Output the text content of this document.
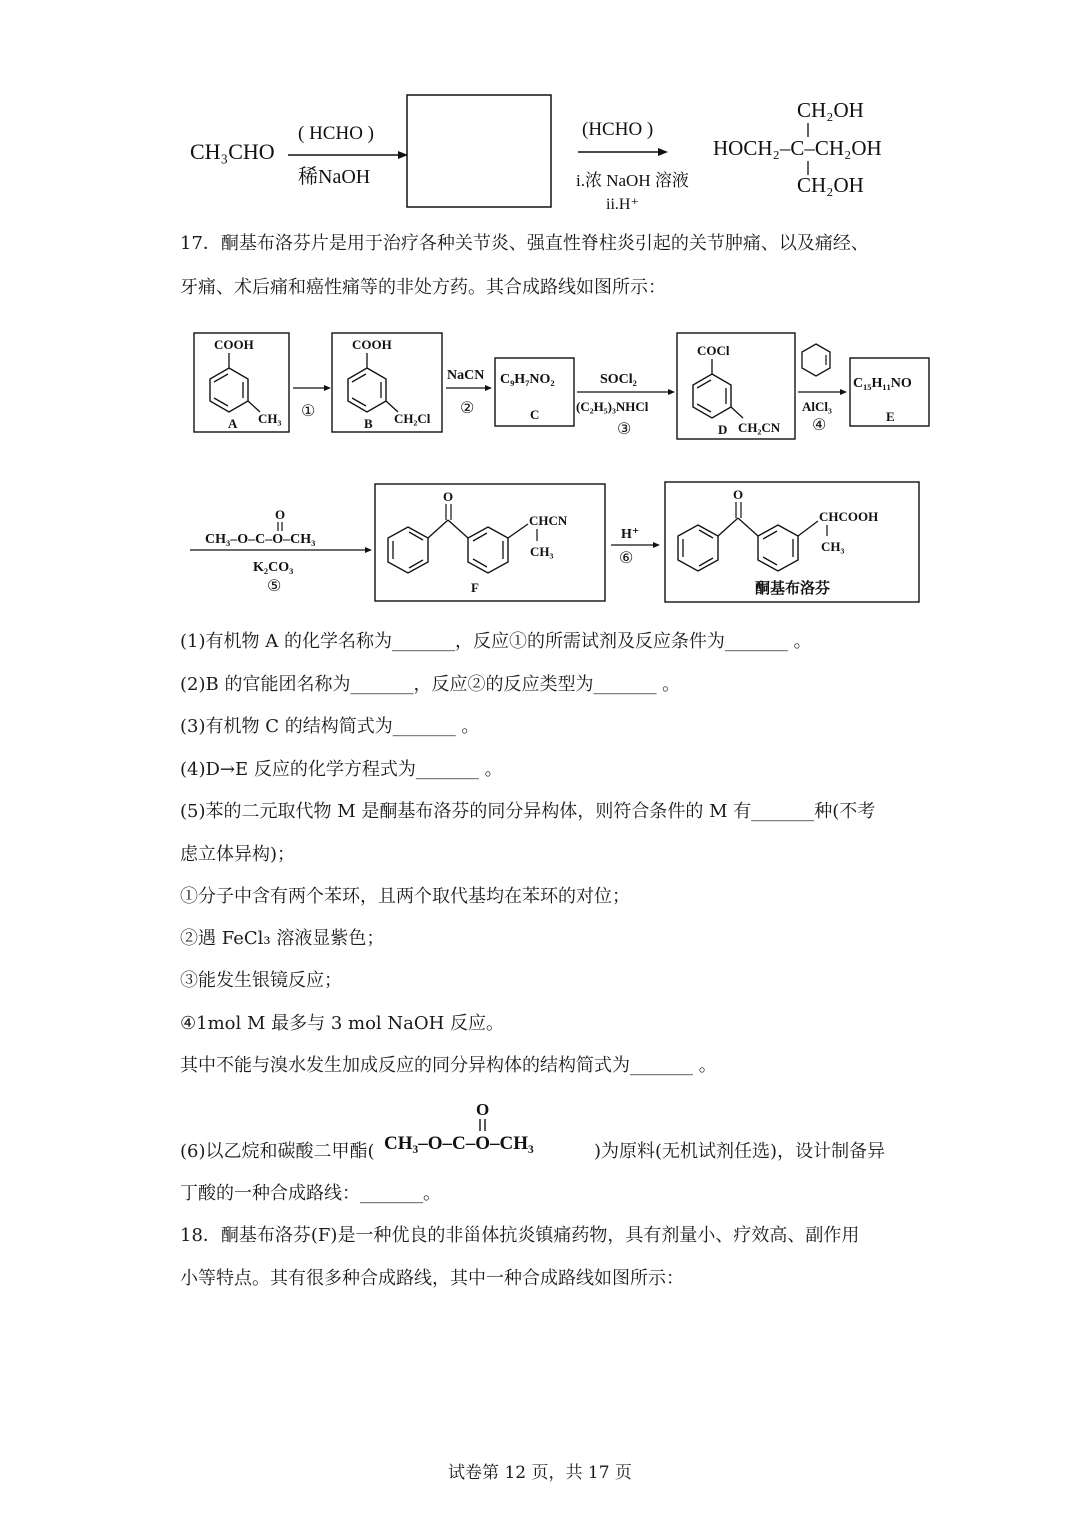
CH₃CHO
( HCHO )
稀NaOH
(HCHO )
i.浓 NaOH 溶液
ii.H⁺
CH₂OH
HOCH₂–C–CH₂OH
CH₂OH
17．酮基布洛芬片是用于治疗各种关节炎、强直性脊柱炎引起的关节肿痛、以及痛经、
牙痛、术后痛和癌性痛等的非处方药。其合成路线如图所示：
COOH
CH₃
A
①
COOH
CH₂Cl
B
NaCN
②
C₉H₇NO₂
C
SOCl₂
(C₂H₅)₃NHCl
③
COCl
CH₂CN
D
AlCl₃
④
C₁₅H₁₁NO
E
O
CH₃–O–C–O–CH₃
K₂CO₃
⑤
O
CHCN
CH₃
F
H⁺
⑥
O
CHCOOH
CH₃
酮基布洛芬
(1)有机物 A 的化学名称为_______，反应①的所需试剂及反应条件为_______ 。
(2)B 的官能团名称为_______，反应②的反应类型为_______ 。
(3)有机物 C 的结构简式为_______ 。
(4)D→E 反应的化学方程式为_______ 。
(5)苯的二元取代物 M 是酮基布洛芬的同分异构体，则符合条件的 M 有_______种(不考
虑立体异构)；
①分子中含有两个苯环，且两个取代基均在苯环的对位；
②遇 FeCl₃ 溶液显紫色；
③能发生银镜反应；
④1mol M 最多与 3 mol NaOH 反应。
其中不能与溴水发生加成反应的同分异构体的结构简式为_______ 。
(6)以乙烷和碳酸二甲酯(
O
CH₃–O–C–O–CH₃	)为原料(无机试剂任选)，设计制备异
丁酸的一种合成路线：_______。
18．酮基布洛芬(F)是一种优良的非甾体抗炎镇痛药物，具有剂量小、疗效高、副作用
小等特点。其有很多种合成路线，其中一种合成路线如图所示：
试卷第 12 页，共 17 页
